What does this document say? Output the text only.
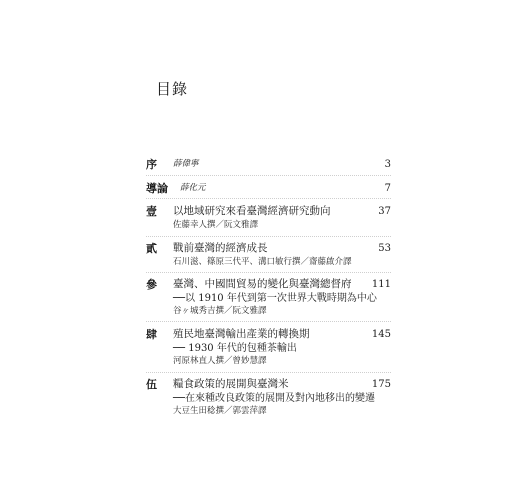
目錄
序 薛偉寧	3
導論 薛化元	7
壹 以地域研究來看臺灣經濟研究動向	37
佐藤幸人撰／阮文雅譯
貳 戰前臺灣的經濟成長	53
石川滋、篠原三代平、溝口敏行撰／齋藤啟介譯
參 臺灣、中國間貿易的變化與臺灣總督府 111
──以 1910 年代到第一次世界大戰時期為中心
谷ヶ城秀吉撰／阮文雅譯
肆 殖民地臺灣輸出產業的轉換期	145
── 1930 年代的包種茶輸出
河原林直人撰／曾妙慧譯
伍 糧食政策的展開與臺灣米	175
──在來種改良政策的展開及對內地移出的變遷
大豆生田稔撰／郭雲萍譯
